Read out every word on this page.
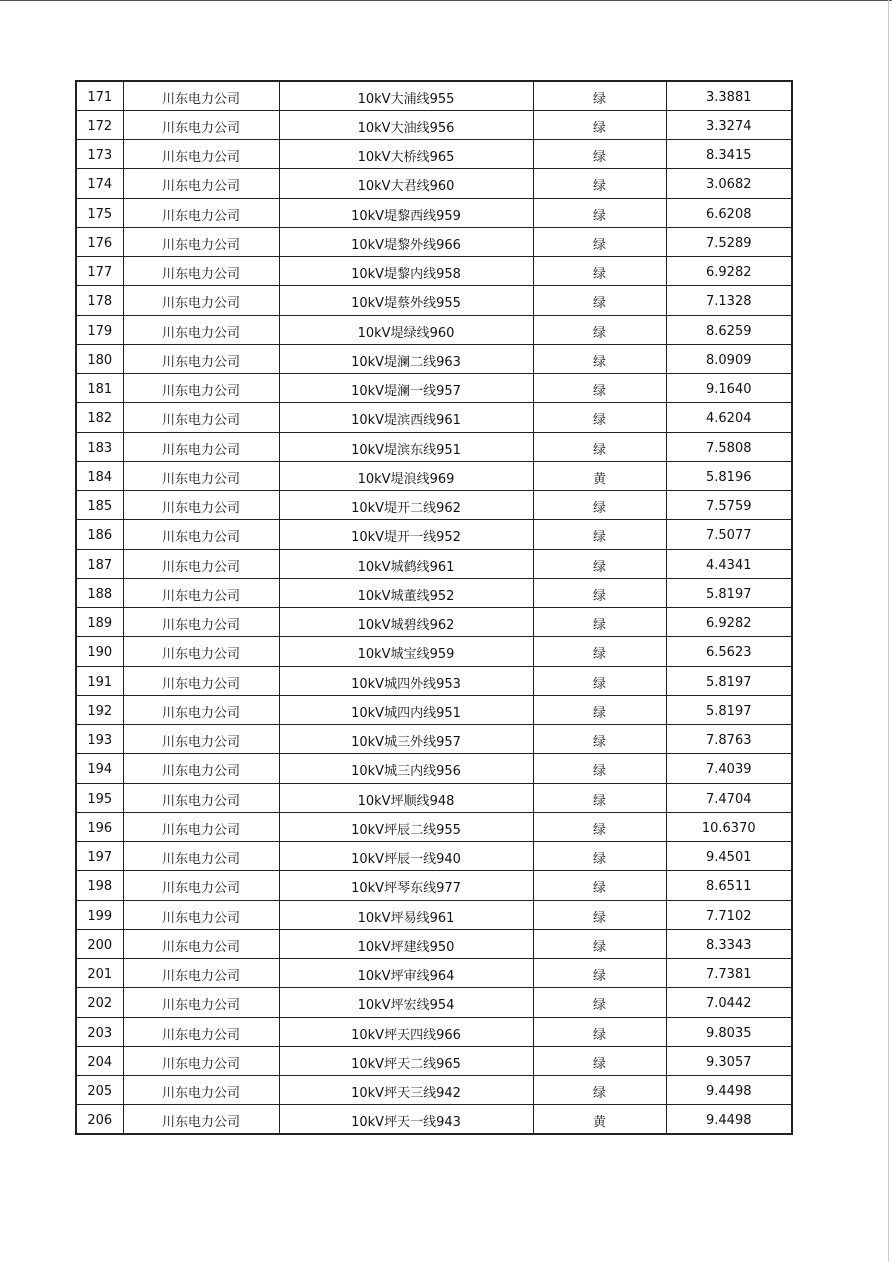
171	川东电力公司	10kV大浦线955	绿	3.3881
172	川东电力公司	10kV大油线956	绿	3.3274
173	川东电力公司	10kV大桥线965	绿	8.3415
174	川东电力公司	10kV大君线960	绿	3.0682
175	川东电力公司	10kV堤黎西线959	绿	6.6208
176	川东电力公司	10kV堤黎外线966	绿	7.5289
177	川东电力公司	10kV堤黎内线958	绿	6.9282
178	川东电力公司	10kV堤蔡外线955	绿	7.1328
179	川东电力公司	10kV堤绿线960	绿	8.6259
180	川东电力公司	10kV堤澜二线963	绿	8.0909
181	川东电力公司	10kV堤澜一线957	绿	9.1640
182	川东电力公司	10kV堤滨西线961	绿	4.6204
183	川东电力公司	10kV堤滨东线951	绿	7.5808
184	川东电力公司	10kV堤浪线969	黄	5.8196
185	川东电力公司	10kV堤开二线962	绿	7.5759
186	川东电力公司	10kV堤开一线952	绿	7.5077
187	川东电力公司	10kV城鹤线961	绿	4.4341
188	川东电力公司	10kV城董线952	绿	5.8197
189	川东电力公司	10kV城碧线962	绿	6.9282
190	川东电力公司	10kV城宝线959	绿	6.5623
191	川东电力公司	10kV城四外线953	绿	5.8197
192	川东电力公司	10kV城四内线951	绿	5.8197
193	川东电力公司	10kV城三外线957	绿	7.8763
194	川东电力公司	10kV城三内线956	绿	7.4039
195	川东电力公司	10kV坪顺线948	绿	7.4704
196	川东电力公司	10kV坪辰二线955	绿	10.6370
197	川东电力公司	10kV坪辰一线940	绿	9.4501
198	川东电力公司	10kV坪琴东线977	绿	8.6511
199	川东电力公司	10kV坪易线961	绿	7.7102
200	川东电力公司	10kV坪建线950	绿	8.3343
201	川东电力公司	10kV坪审线964	绿	7.7381
202	川东电力公司	10kV坪宏线954	绿	7.0442
203	川东电力公司	10kV坪天四线966	绿	9.8035
204	川东电力公司	10kV坪天二线965	绿	9.3057
205	川东电力公司	10kV坪天三线942	绿	9.4498
206	川东电力公司	10kV坪天一线943	黄	9.4498
